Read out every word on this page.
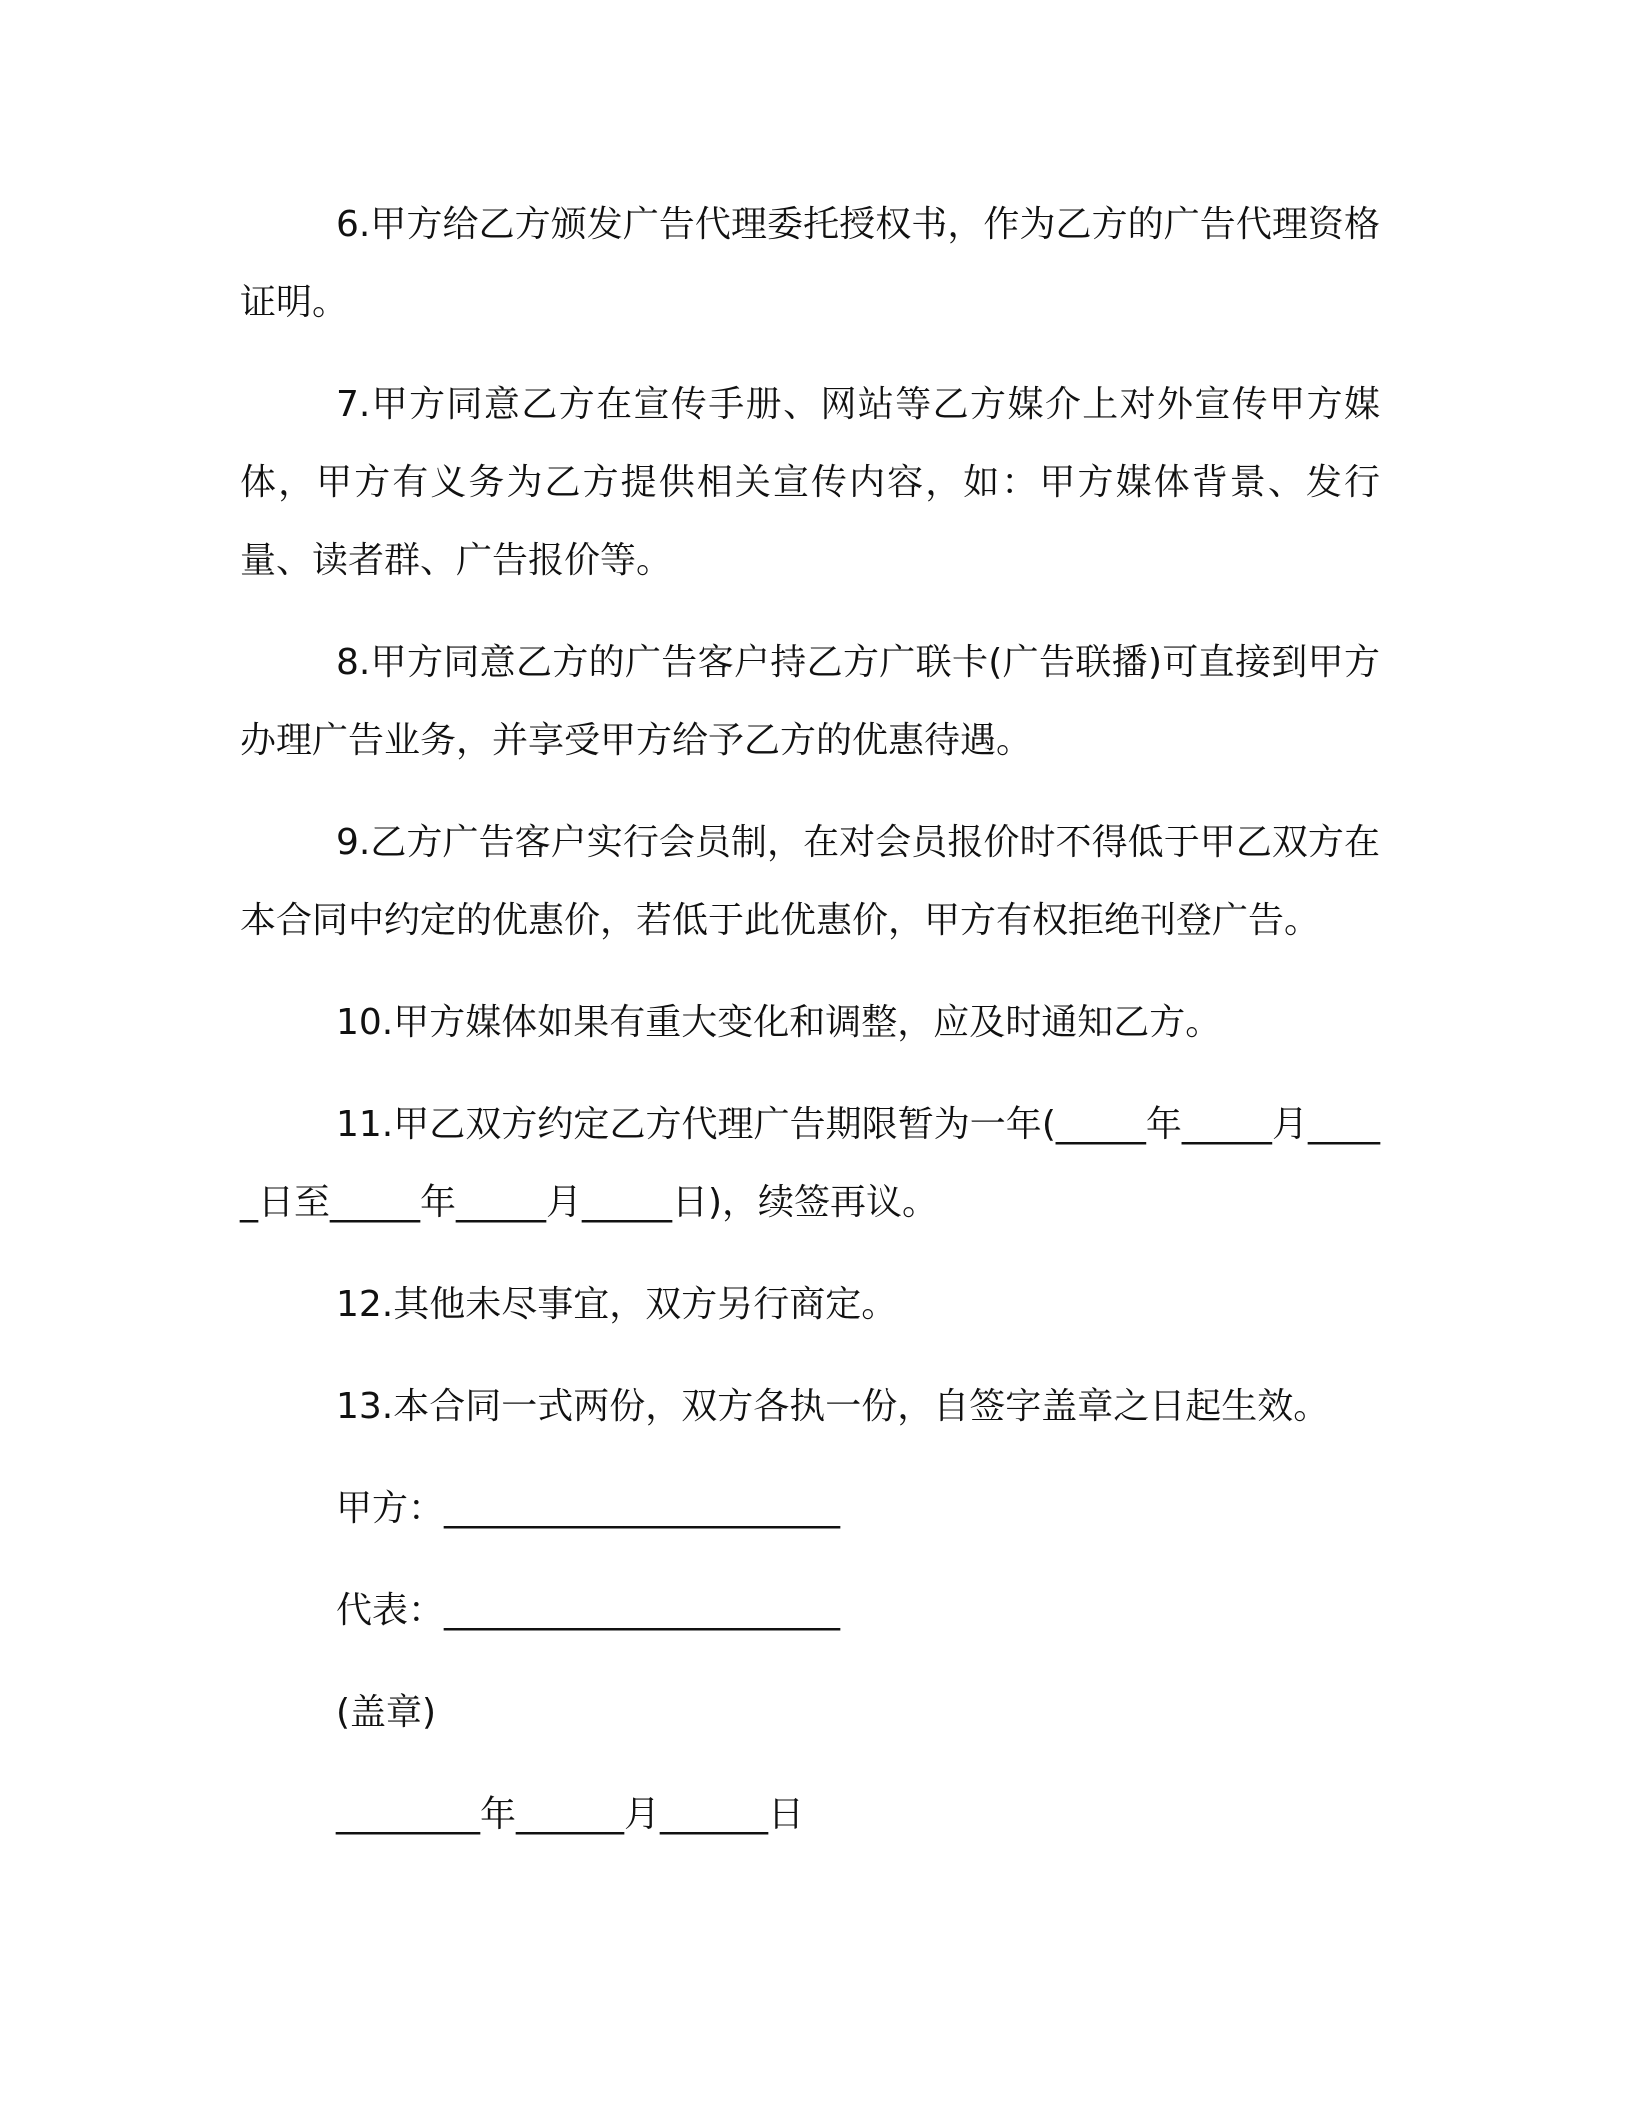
6.甲方给乙方颁发广告代理委托授权书，作为乙方的广告代理资格证明。

7.甲方同意乙方在宣传手册、网站等乙方媒介上对外宣传甲方媒体，甲方有义务为乙方提供相关宣传内容，如：甲方媒体背景、发行量、读者群、广告报价等。

8.甲方同意乙方的广告客户持乙方广联卡(广告联播)可直接到甲方办理广告业务，并享受甲方给予乙方的优惠待遇。

9.乙方广告客户实行会员制，在对会员报价时不得低于甲乙双方在本合同中约定的优惠价，若低于此优惠价，甲方有权拒绝刊登广告。

10.甲方媒体如果有重大变化和调整，应及时通知乙方。

11.甲乙双方约定乙方代理广告期限暂为一年(_____年_____月_____日至_____年_____月_____日)，续签再议。

12.其他未尽事宜，双方另行商定。

13.本合同一式两份，双方各执一份，自签字盖章之日起生效。

甲方：______________________

代表：______________________

(盖章)

________年______月______日
